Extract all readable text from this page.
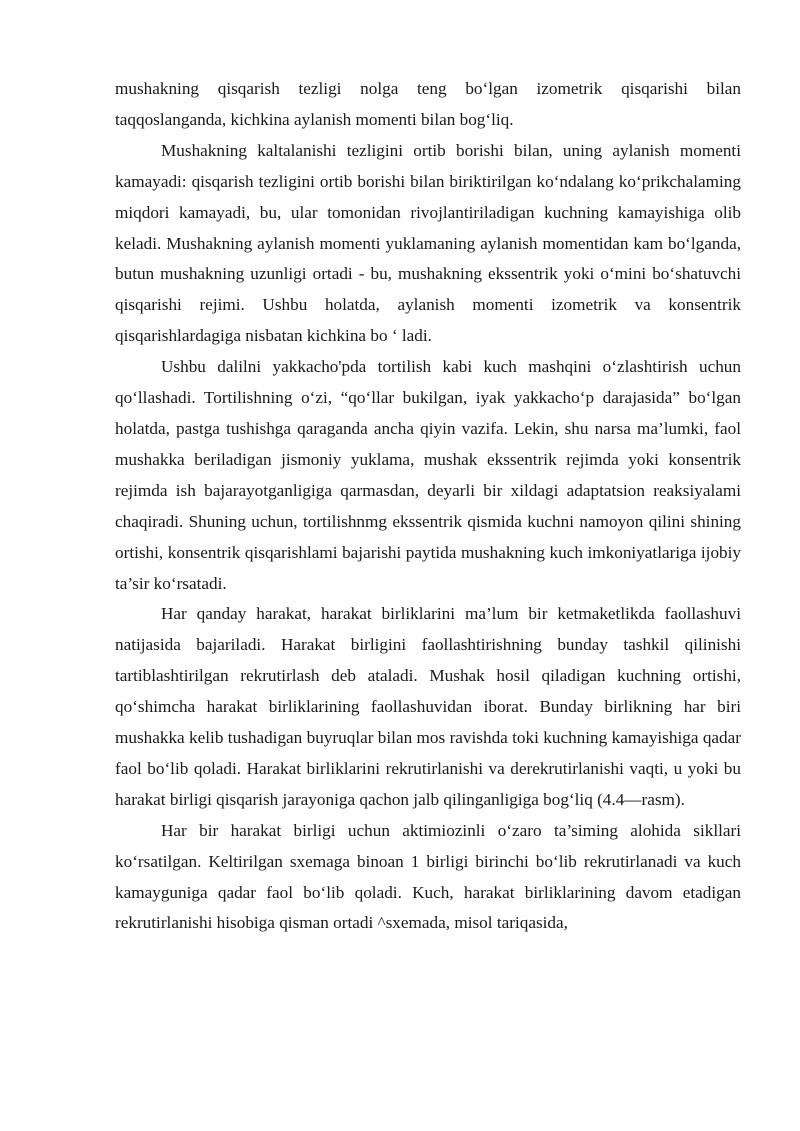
mushakning qisqarish tezligi nolga teng bo‘lgan izometrik qisqarishi bilan taqqoslanganda, kichkina aylanish momenti bilan bog‘liq.

Mushakning kaltalanishi tezligini ortib borishi bilan, uning aylanish momenti kamayadi: qisqarish tezligini ortib borishi bilan biriktirilgan ko‘ndalang ko‘prikchalaming miqdori kamayadi, bu, ular tomonidan rivojlantiriladigan kuchning kamayishiga olib keladi. Mushakning aylanish momenti yuklamaning aylanish momentidan kam bo‘lganda, butun mushakning uzunligi ortadi - bu, mushakning ekssentrik yoki o‘mini bo‘shatuvchi qisqarishi rejimi. Ushbu holatda, aylanish momenti izometrik va konsentrik qisqarishlardagiga nisbatan kichkina bo ‘ ladi.

Ushbu dalilni yakkacho'pda tortilish kabi kuch mashqini o‘zlashtirish uchun qo‘llashadi. Tortilishning o‘zi, “qo‘llar bukilgan, iyak yakkacho‘p darajasida” bo‘lgan holatda, pastga tushishga qaraganda ancha qiyin vazifa. Lekin, shu narsa ma’lumki, faol mushakka beriladigan jismoniy yuklama, mushak ekssentrik rejimda yoki konsentrik rejimda ish bajarayotganligiga qarmasdan, deyarli bir xildagi adaptatsion reaksiyalami chaqiradi. Shuning uchun, tortilishnmg ekssentrik qismida kuchni namoyon qilini shining ortishi, konsentrik qisqarishlami bajarishi paytida mushakning kuch imkoniyatlariga ijobiy ta’sir ko‘rsatadi.

Har qanday harakat, harakat birliklarini ma’lum bir ketmaketlikda faollashuvi natijasida bajariladi. Harakat birligini faollashtirishning bunday tashkil qilinishi tartiblashtirilgan rekrutirlash deb ataladi. Mushak hosil qiladigan kuchning ortishi, qo‘shimcha harakat birliklarining faollashuvidan iborat. Bunday birlikning har biri mushakka kelib tushadigan buyruqlar bilan mos ravishda toki kuchning kamayishiga qadar faol bo‘lib qoladi. Harakat birliklarini rekrutirlanishi va derekrutirlanishi vaqti, u yoki bu harakat birligi qisqarish jarayoniga qachon jalb qilinganligiga bog‘liq (4.4—rasm).

Har bir harakat birligi uchun aktimiozinli o‘zaro ta’siming alohida sikllari ko‘rsatilgan. Keltirilgan sxemaga binoan 1 birligi birinchi bo‘lib rekrutirlanadi va kuch kamayguniga qadar faol bo‘lib qoladi. Kuch, harakat birliklarining davom etadigan rekrutirlanishi hisobiga qisman ortadi ^sxemada, misol tariqasida,
